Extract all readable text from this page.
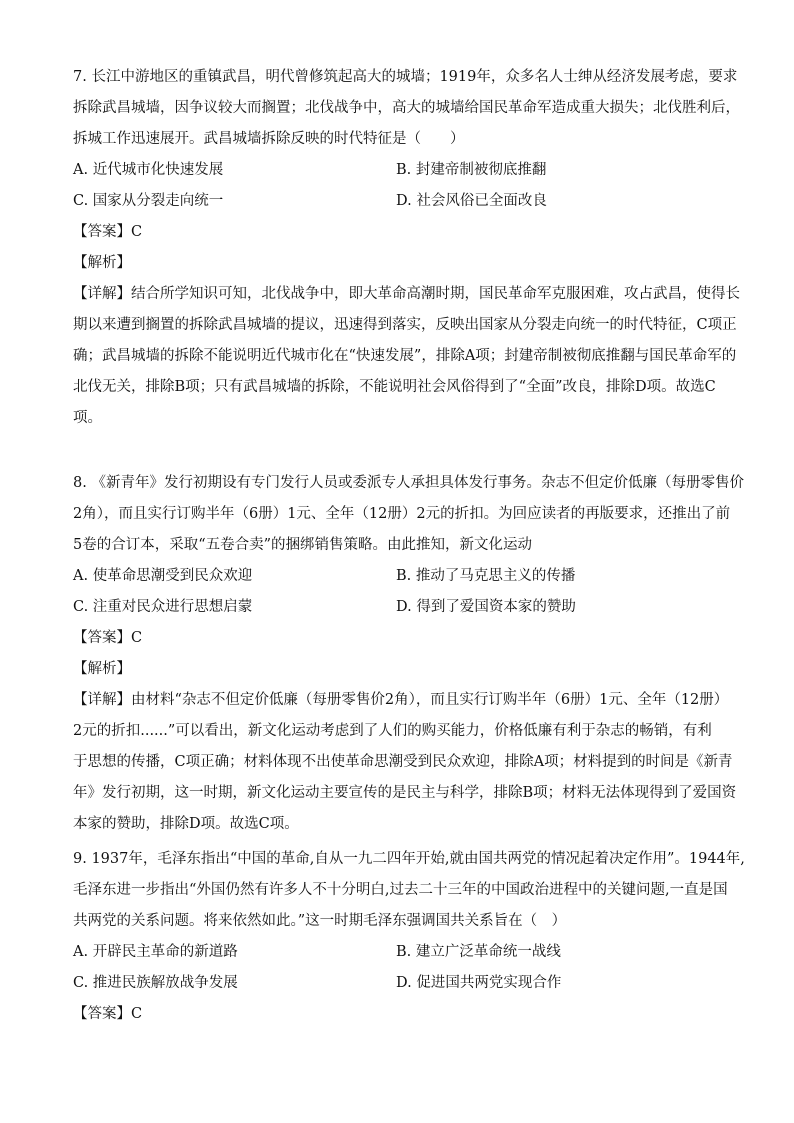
7. 长江中游地区的重镇武昌，明代曾修筑起高大的城墙；1919年，众多名人士绅从经济发展考虑，要求
拆除武昌城墙，因争议较大而搁置；北伐战争中，高大的城墙给国民革命军造成重大损失；北伐胜利后，
拆城工作迅速展开。武昌城墙拆除反映的时代特征是（　　）
A. 近代城市化快速发展	B. 封建帝制被彻底推翻
C. 国家从分裂走向统一	D. 社会风俗已全面改良
【答案】C
【解析】
【详解】结合所学知识可知，北伐战争中，即大革命高潮时期，国民革命军克服困难，攻占武昌，使得长
期以来遭到搁置的拆除武昌城墙的提议，迅速得到落实，反映出国家从分裂走向统一的时代特征，C项正
确；武昌城墙的拆除不能说明近代城市化在“快速发展”，排除A项；封建帝制被彻底推翻与国民革命军的
北伐无关，排除B项；只有武昌城墙的拆除，不能说明社会风俗得到了“全面”改良，排除D项。故选C
项。
8. 《新青年》发行初期设有专门发行人员或委派专人承担具体发行事务。杂志不但定价低廉（每册零售价
2角），而且实行订购半年（6册）1元、全年（12册）2元的折扣。为回应读者的再版要求，还推出了前
5卷的合订本，采取“五卷合卖”的捆绑销售策略。由此推知，新文化运动
A. 使革命思潮受到民众欢迎	B. 推动了马克思主义的传播
C. 注重对民众进行思想启蒙	D. 得到了爱国资本家的赞助
【答案】C
【解析】
【详解】由材料“杂志不但定价低廉（每册零售价2角），而且实行订购半年（6册）1元、全年（12册）
2元的折扣......”可以看出，新文化运动考虑到了人们的购买能力，价格低廉有利于杂志的畅销，有利
于思想的传播，C项正确；材料体现不出使革命思潮受到民众欢迎，排除A项；材料提到的时间是《新青
年》发行初期，这一时期，新文化运动主要宣传的是民主与科学，排除B项；材料无法体现得到了爱国资
本家的赞助，排除D项。故选C项。
9. 1937年，毛泽东指出“中国的革命,自从一九二四年开始,就由国共两党的情况起着决定作用”。1944年,
毛泽东进一步指出“外国仍然有许多人不十分明白,过去二十三年的中国政治进程中的关键问题,一直是国
共两党的关系问题。将来依然如此。”这一时期毛泽东强调国共关系旨在（　）
A. 开辟民主革命的新道路	B. 建立广泛革命统一战线
C. 推进民族解放战争发展	D. 促进国共两党实现合作
【答案】C
